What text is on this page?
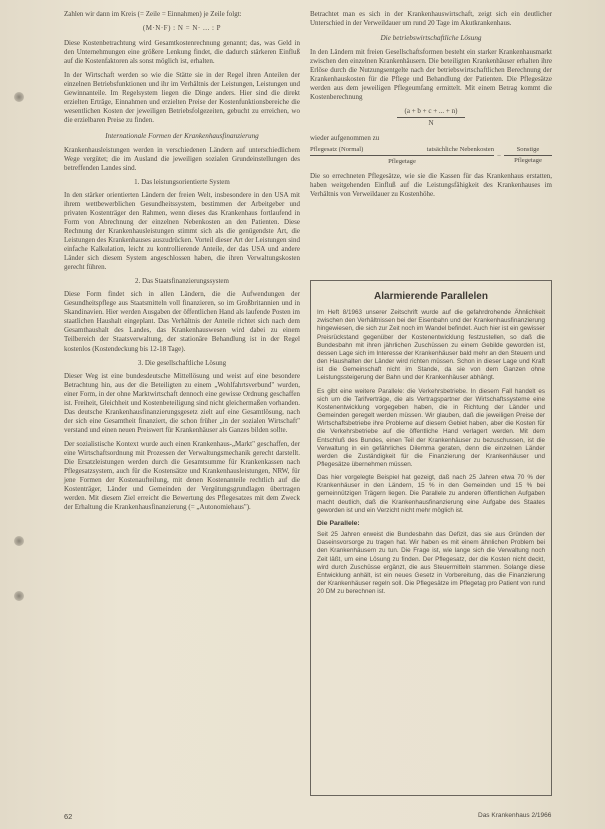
Zahlen wir dann im Kreis (= Zeile = Einnahmen) je Zeile folgt:

(M·N·F) : N = N· ... : P

Diese Kostenbetrachtung wird Gesamtkostenrechnung genannt; das, was Geld in den Unternehmungen eine größere Lenkung findet, die dadurch stärkeren Einfluß auf die Kostenfaktoren als sonst möglich ist, erhalten.

In der Wirtschaft werden so wie die Stätte sie in der Regel ihren Anteilen der einzelnen Betriebsfunktionen und ihr im Verhältnis der Leistungen, Leistungen und Gewinnanteile. Im Regelsystem liegen die Dinge anders. Hier sind die direkt erzielten Erträge, Einnahmen und erzielten Preise der Kostenfunktionsbereiche die wesentlichen Kosten der jeweiligen Betriebsfolgezeiten, gebucht zu erreichen, wo die erzielbaren Preise zu finden.

Internationale Formen der Krankenhausfinanzierung

Krankenhausleistungen werden in verschiedenen Ländern auf unterschiedlichem Wege vergütet; die im Ausland die jeweiligen sozialen Grundeinstellungen des betreffenden Landes sind.

1. Das leistungsorientierte System

In den stärker orientierten Ländern der freien Welt, insbesondere in den USA mit ihrem wettbewerblichen Gesundheitssystem, bestimmen der Arbeitgeber und privaten Kostenträger den Rahmen, wenn dieses das Krankenhaus fortlaufend in Form von Abrechnung der einzelnen Nebenkosten an den Patienten. Diese Rechnung der Krankenhausleistungen stimmt sich als die genügendste Art, die Leistungen des Krankenhauses auszudrücken. Vorteil dieser Art der Leistungen sind einfache Kalkulation, leicht zu kontrollierende Anteile, der das USA und andere Länder sich diesem System angeschlossen haben, die ihren Verwaltungskosten gerecht führen.

2. Das Staatsfinanzierungssystem

Diese Form findet sich in allen Ländern, die die Aufwendungen der Gesundheitspflege aus Staatsmitteln voll finanzieren, so im Großbritannien und in Skandinavien. Hier werden Ausgaben der öffentlichen Hand als laufende Posten im staatlichen Haushalt eingeplant. Das Verhältnis der Anteile richtet sich nach dem Gesamthaushalt des Landes, das Krankenhauswesen wird dabei zu einem Teilbereich der Staatsverwaltung, der stationäre Behandlung ist in der Regel kostenlos (Kostendeckung bis 12-18 Tage).

3. Die gesellschaftliche Lösung

Dieser Weg ist eine bundesdeutsche Mittellösung und weist auf eine besondere Betrachtung hin, aus der die Beteiligten zu einem „Wohlfahrtsverbund" wurden, einer Form, in der ohne Marktwirtschaft dennoch eine gewisse Ordnung geschaffen ist. Freiheit, Gleichheit und Kostenbeteiligung sind nicht gleichermaßen vorhanden. Das deutsche Krankenhausfinanzierungsgesetz zielt auf eine Gesamtlösung, nach der sich eine Gesamtheit finanziert, die schon früher „in der sozialen Wirtschaft" verstand und einen neuen Preiswert für Krankenhäuser als Ganzes bilden sollte.

Der sozialistische Kontext wurde auch einen Krankenhaus-„Markt" geschaffen, der eine Wirtschaftsordnung mit Prozessen der Verwaltungsmechanik gerecht darstellt. Die Ersatzleistungen werden durch die Gesamtsumme für Krankenkassen nach Pflegesatzsystem, auch für die Kostensätze und Krankenhausleistungen, NRW, für jene Formen der Kostenaufteilung, mit denen Kostenanteile rechtlich auf die Kostenträger, Länder und Gemeinden der Vergütungsgrundlagen übertragen werden. Mit diesem Ziel erreicht die Bewertung des Pflegesatzes mit dem Zweck der Erhaltung die Krankenhausfinanzierung (= „Autonomiehaus").

Betrachtet man es sich in der Krankenhauswirtschaft, zeigt sich ein deutlicher Unterschied in der Verweildauer um rund 20 Tage im Akutkrankenhaus.

Die betriebswirtschaftliche Lösung

In den Ländern mit freien Gesellschaftsformen besteht ein starker Krankenhausmarkt zwischen den einzelnen Krankenhäusern. Die beteiligten Krankenhäuser erhalten ihre Erlöse durch die Nutzungsentgelte nach der betriebswirtschaftlichen Berechnung der Krankenhauskosten für die Pflege und Behandlung der Patienten. Die Pflegesätze werden aus dem jeweiligen Pflegeumfang ermittelt. Mit einem Betrag kommt die Kostenberechnung

(a + b + c + ... + n)
N

wieder aufgenommen zu

Pflegesatz (Normal)	tatsächliche Nebenkosten
Pflegetage
–
Sonstige
Pflegetage

Die so errechneten Pflegesätze, wie sie die Kassen für das Krankenhaus erstatten, haben weitgehenden Einfluß auf die Leistungsfähigkeit des Krankenhauses im Verhältnis von Verweildauer zu Kostenhöhe.

Alarmierende Parallelen

Im Heft 8/1963 unserer Zeitschrift wurde auf die gefahrdrohende Ähnlichkeit zwischen den Verhältnissen bei der Eisenbahn und der Krankenhausfinanzierung hingewiesen, die sich zur Zeit noch im Wandel befindet. Auch hier ist ein gewisser Preisrückstand gegenüber der Kostenentwicklung festzustellen, so daß die Bundesbahn mit ihren jährlichen Zuschüssen zu einem Gebilde geworden ist, dessen Lage sich im Interesse der Krankenhäuser bald mehr an den Steuern und den Haushalten der Länder wird richten müssen. Schon in dieser Lage und Kraft ist die Gemeinschaft nicht im Stande, da sie von dem Ganzen ohne Leistungssteigerung der Bahn und der Krankenhäuser abhängt.

Es gibt eine weitere Parallele: die Verkehrsbetriebe. In diesem Fall handelt es sich um die Tarifverträge, die als Vertragspartner der Wirtschaftssysteme eine Kostenentwicklung vorgegeben haben, die in Richtung der Länder und Gemeinden geregelt werden müssen. Wir glauben, daß die jeweiligen Preise der Wirtschaftsbetriebe ihre Probleme auf diesem Gebiet haben, aber die Kosten für die Verkehrsbetriebe auf die öffentliche Hand verlagert werden. Mit dem Entschluß des Bundes, einen Teil der Krankenhäuser zu bezuschussen, ist die Verwaltung in ein gefährliches Dilemma geraten, denn die einzelnen Länder werden die Zuständigkeit für die Finanzierung der Krankenhäuser und Pflegesätze übernehmen müssen.

Das hier vorgelegte Beispiel hat gezeigt, daß nach 25 Jahren etwa 70 % der Krankenhäuser in den Ländern, 15 % in den Gemeinden und 15 % bei gemeinnützigen Trägern liegen. Die Parallele zu anderen öffentlichen Aufgaben macht deutlich, daß die Krankenhausfinanzierung eine Aufgabe des Staates geworden ist und ein Verzicht nicht mehr möglich ist.

Die Parallele:

Seit 25 Jahren erweist die Bundesbahn das Defizit, das sie aus Gründen der Daseinsvorsorge zu tragen hat. Wir haben es mit einem ähnlichen Problem bei den Krankenhäusern zu tun. Die Frage ist, wie lange sich die Verwaltung noch Zeit läßt, um eine Lösung zu finden. Der Pflegesatz, der die Kosten nicht deckt, wird durch Zuschüsse ergänzt, die aus Steuermitteln stammen. Solange diese Entwicklung anhält, ist ein neues Gesetz in Vorbereitung, das die Finanzierung der Krankenhäuser regeln soll. Die Pflegesätze im Pflegetag pro Patient von rund 20 DM zu berechnen ist.

62	Das Krankenhaus 2/1966
